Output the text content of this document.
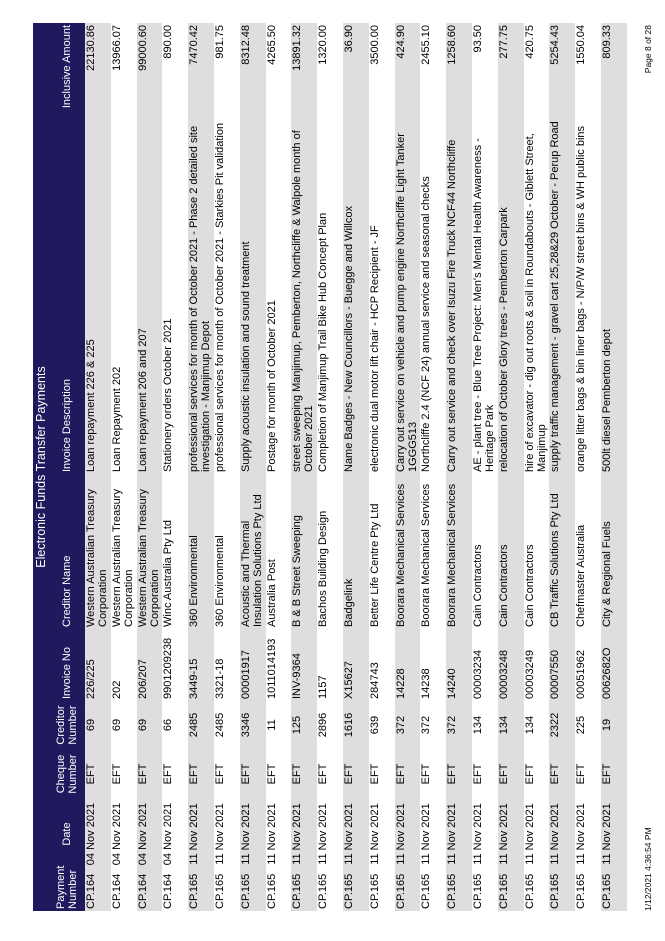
Electronic Funds Transfer Payments
Payment Number	Date	Cheque Number	Creditor Number	Invoice No	Creditor Name	Invoice Description	Inclusive Amount
CP.164	04 Nov 2021	EFT	69	226/225	Western Australian Treasury Corporation	Loan repayment 226 & 225	22130.86
CP.164	04 Nov 2021	EFT	69	202	Western Australian Treasury Corporation	Loan Repayment 202	13966.07
CP.164	04 Nov 2021	EFT	69	206/207	Western Australian Treasury Corporation	Loan repayment 206 and 207	99000.60
CP.164	04 Nov 2021	EFT	66	9901209238	Winc Australia Pty Ltd	Stationery orders October 2021	890.00
CP.165	11 Nov 2021	EFT	2485	3449-15	360 Environmental	professional services for month of October 2021 - Phase 2 detailed site investigation - Manjimup Depot	7470.42
CP.165	11 Nov 2021	EFT	2485	3321-18	360 Environmental	professional services for month of October 2021 - Starkies Pit validation	981.75
CP.165	11 Nov 2021	EFT	3346	00001917	Acoustic and Thermal Insulation Solutions Pty Ltd	Supply acoustic insulation and sound treatment	8312.48
CP.165	11 Nov 2021	EFT	11	1011014193	Australia Post	Postage for month of October 2021	4265.50
CP.165	11 Nov 2021	EFT	125	INV-9364	B & B Street Sweeping	street sweeping Manjimup, Pemberton, Northcliffe & Walpole month of October 2021	13891.32
CP.165	11 Nov 2021	EFT	2896	1157	Bachos Building Design	Completion of Manjimup Trail Bike Hub Concept Plan	1320.00
CP.165	11 Nov 2021	EFT	1616	X15627	Badgelink	Name Badges - New Councillors - Buegge and Willcox	36.90
CP.165	11 Nov 2021	EFT	639	284743	Better Life Centre Pty Ltd	electronic dual motor lift chair - HCP Recipient - JF	3500.00
CP.165	11 Nov 2021	EFT	372	14228	Boorara Mechanical Services	Carry out service on vehicle and pump engine Northcliffe Light Tanker 1GGG513	424.90
CP.165	11 Nov 2021	EFT	372	14238	Boorara Mechanical Services	Northcliffe 2.4 (NCF 24) annual service and seasonal checks	2455.10
CP.165	11 Nov 2021	EFT	372	14240	Boorara Mechanical Services	Carry out service and check over Isuzu Fire Truck NCF44 Northcliffe	1258.60
CP.165	11 Nov 2021	EFT	134	00003234	Cain Contractors	AE - plant tree - Blue Tree Project: Men's Mental Health Awareness - Heritage Park	93.50
CP.165	11 Nov 2021	EFT	134	00003248	Cain Contractors	relocation of October Glory trees - Pemberton Carpark	277.75
CP.165	11 Nov 2021	EFT	134	00003249	Cain Contractors	hire of excavator - dig out roots & soil in Roundabouts - Giblett Street, Manjimup	420.75
CP.165	11 Nov 2021	EFT	2322	00007550	CB Traffic Solutions Pty Ltd	supply traffic management - gravel cart 25,28&29 October - Perup Road	5254.43
CP.165	11 Nov 2021	EFT	225	00051962	Chefmaster Australia	orange litter bags & bin liner bags - N/P/W street bins & WH public bins	1550.04
CP.165	11 Nov 2021	EFT	19	0062682O	City & Regional Fuels	500lt diesel Pemberton depot	809.33
1/12/2021 4:36:54 PM
Page 8 of 28
